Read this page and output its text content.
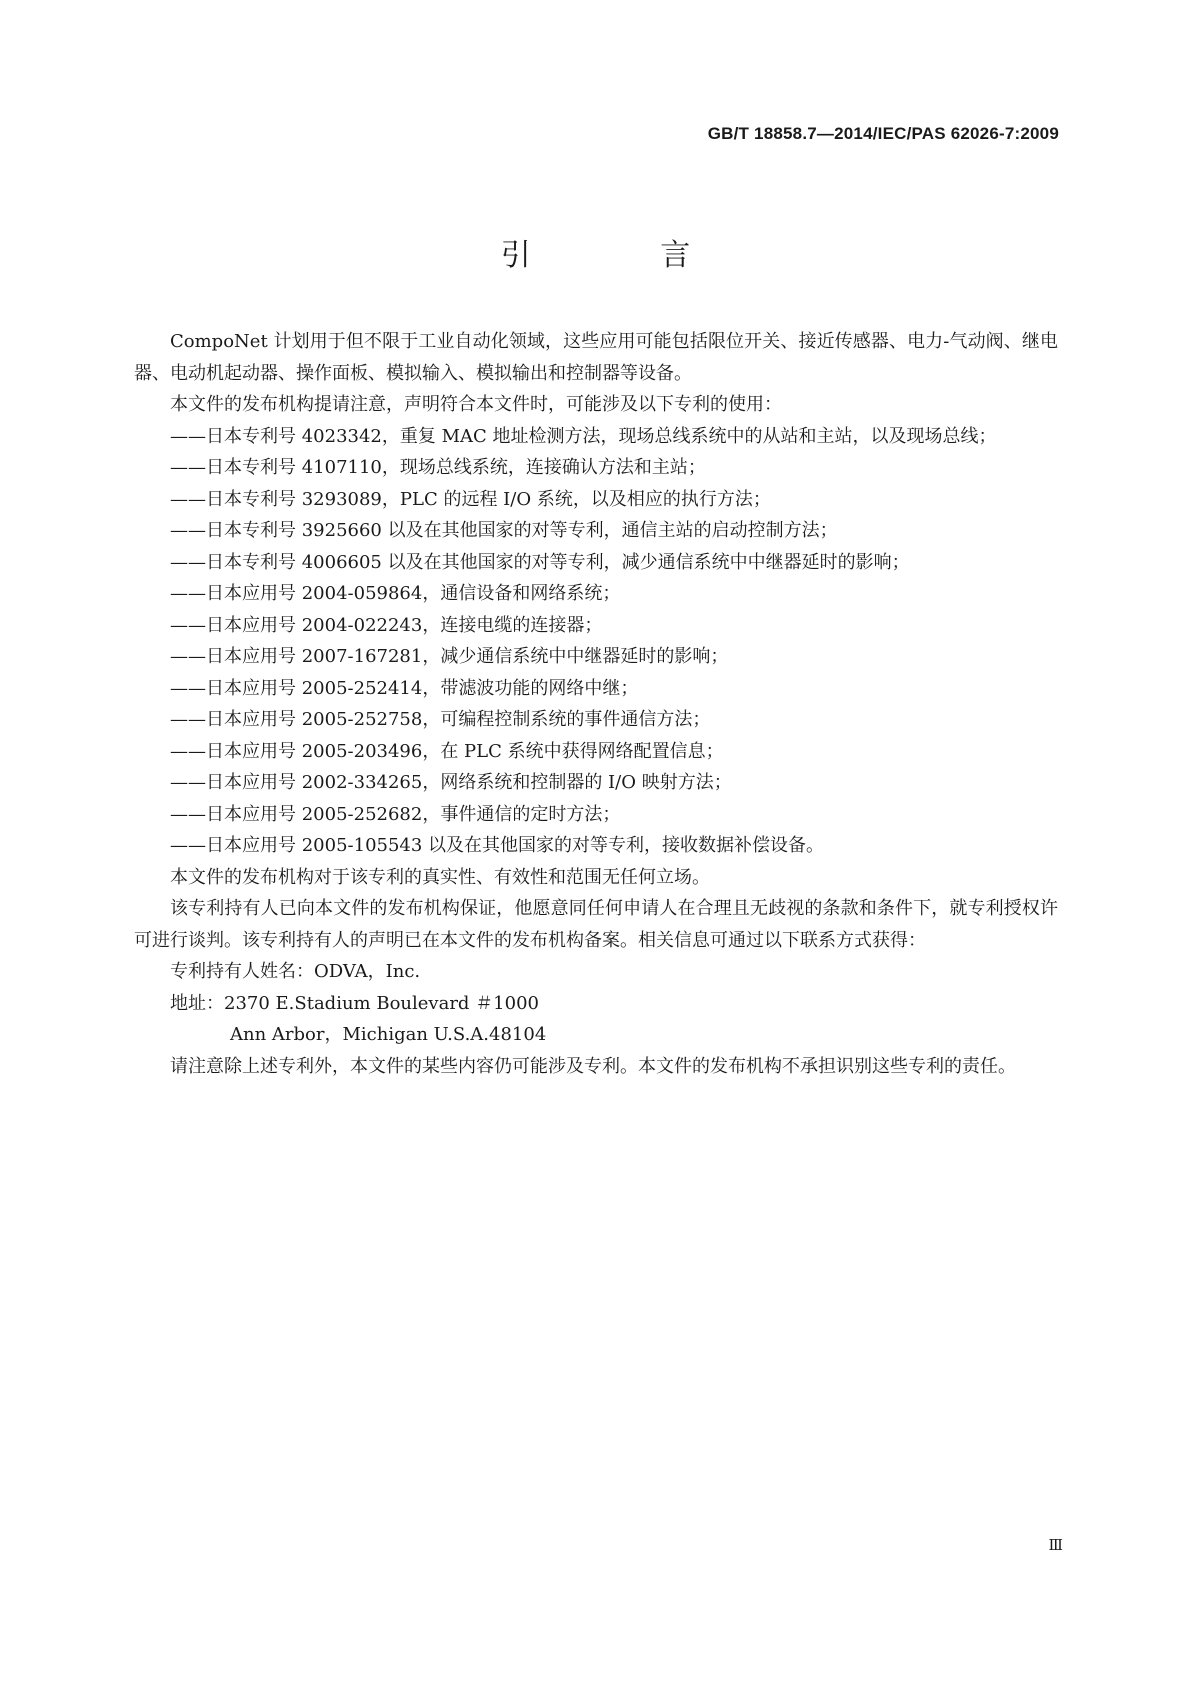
GB/T 18858.7—2014/IEC/PAS 62026-7:2009
引 言

CompoNet 计划用于但不限于工业自动化领域，这些应用可能包括限位开关、接近传感器、电力-气动阀、继电器、电动机起动器、操作面板、模拟输入、模拟输出和控制器等设备。

本文件的发布机构提请注意，声明符合本文件时，可能涉及以下专利的使用：

——日本专利号 4023342，重复 MAC 地址检测方法，现场总线系统中的从站和主站，以及现场总线；
——日本专利号 4107110，现场总线系统，连接确认方法和主站；
——日本专利号 3293089，PLC 的远程 I/O 系统，以及相应的执行方法；
——日本专利号 3925660 以及在其他国家的对等专利，通信主站的启动控制方法；
——日本专利号 4006605 以及在其他国家的对等专利，减少通信系统中中继器延时的影响；
——日本应用号 2004-059864，通信设备和网络系统；
——日本应用号 2004-022243，连接电缆的连接器；
——日本应用号 2007-167281，减少通信系统中中继器延时的影响；
——日本应用号 2005-252414，带滤波功能的网络中继；
——日本应用号 2005-252758，可编程控制系统的事件通信方法；
——日本应用号 2005-203496，在 PLC 系统中获得网络配置信息；
——日本应用号 2002-334265，网络系统和控制器的 I/O 映射方法；
——日本应用号 2005-252682，事件通信的定时方法；
——日本应用号 2005-105543 以及在其他国家的对等专利，接收数据补偿设备。

本文件的发布机构对于该专利的真实性、有效性和范围无任何立场。

该专利持有人已向本文件的发布机构保证，他愿意同任何申请人在合理且无歧视的条款和条件下，就专利授权许可进行谈判。该专利持有人的声明已在本文件的发布机构备案。相关信息可通过以下联系方式获得：

专利持有人姓名：ODVA，Inc.

地址：2370 E.Stadium Boulevard ＃1000

Ann Arbor，Michigan U.S.A.48104

请注意除上述专利外，本文件的某些内容仍可能涉及专利。本文件的发布机构不承担识别这些专利的责任。

Ⅲ
